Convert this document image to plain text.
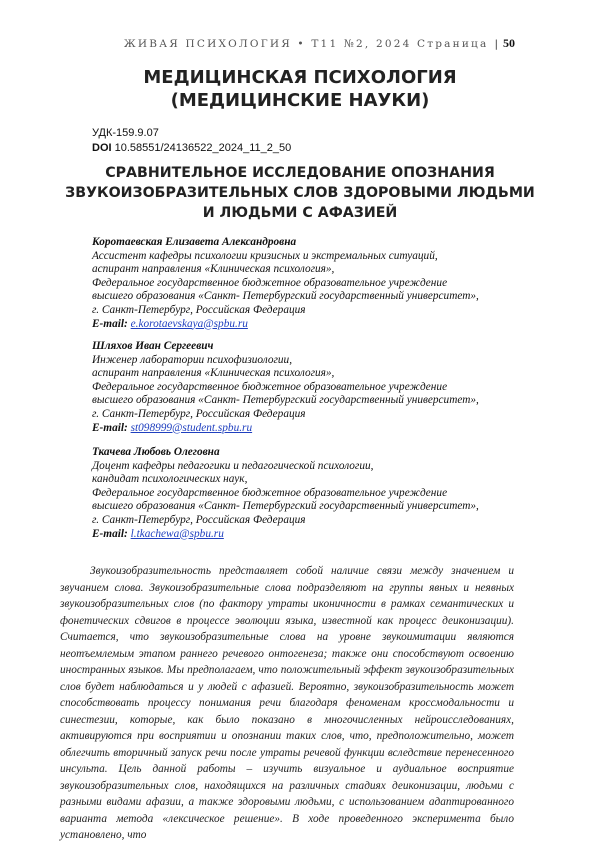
ЖИВАЯ ПСИХОЛОГИЯ • Т11 №2, 2024 Страница | 50
МЕДИЦИНСКАЯ ПСИХОЛОГИЯ
(МЕДИЦИНСКИЕ НАУКИ)
УДК-159.9.07
DOI 10.58551/24136522_2024_11_2_50
СРАВНИТЕЛЬНОЕ ИССЛЕДОВАНИЕ ОПОЗНАНИЯ
ЗВУКОИЗОБРАЗИТЕЛЬНЫХ СЛОВ ЗДОРОВЫМИ ЛЮДЬМИ
И ЛЮДЬМИ С АФАЗИЕЙ
Коротаевская Елизавета Александровна
Ассистент кафедры психологии кризисных и экстремальных ситуаций,
аспирант направления «Клиническая психология»,
Федеральное государственное бюджетное образовательное учреждение
высшего образования «Санкт- Петербургский государственный университет»,
г. Санкт-Петербург, Российская Федерация
E-mail: e.korotaevskaya@spbu.ru
Шляхов Иван Сергеевич
Инженер лаборатории психофизиологии,
аспирант направления «Клиническая психология»,
Федеральное государственное бюджетное образовательное учреждение
высшего образования «Санкт- Петербургский государственный университет»,
г. Санкт-Петербург, Российская Федерация
E-mail: st098999@student.spbu.ru
Ткачева Любовь Олеговна
Доцент кафедры педагогики и педагогической психологии,
кандидат психологических наук,
Федеральное государственное бюджетное образовательное учреждение
высшего образования «Санкт- Петербургский государственный университет»,
г. Санкт-Петербург, Российская Федерация
E-mail: l.tkachewa@spbu.ru

Звукоизобразительность представляет собой наличие связи между значением и звучанием слова. Звукоизобразительные слова подразделяют на группы явных и неявных звукоизобразительных слов (по фактору утраты иконичности в рамках семантических и фонетических сдвигов в процессе эволюции языка, известной как процесс деиконизации). Считается, что звукоизобразительные слова на уровне звукоимитации являются неотъемлемым этапом раннего речевого онтогенеза; также они способствуют освоению иностранных языков. Мы предполагаем, что положительный эффект звукоизобразительных слов будет наблюдаться и у людей с афазией. Вероятно, звукоизобразительность может способствовать процессу понимания речи благодаря феноменам кроссмодальности и синестезии, которые, как было показано в многочисленных нейроисследованиях, активируются при восприятии и опознании таких слов, что, предположительно, может облегчить вторичный запуск речи после утраты речевой функции вследствие перенесенного инсульта. Цель данной работы – изучить визуальное и аудиальное восприятие звукоизобразительных слов, находящихся на различных стадиях деиконизации, людьми с разными видами афазии, а также здоровыми людьми, с использованием адаптированного варианта метода «лексическое решение». В ходе проведенного эксперимента было установлено, что
